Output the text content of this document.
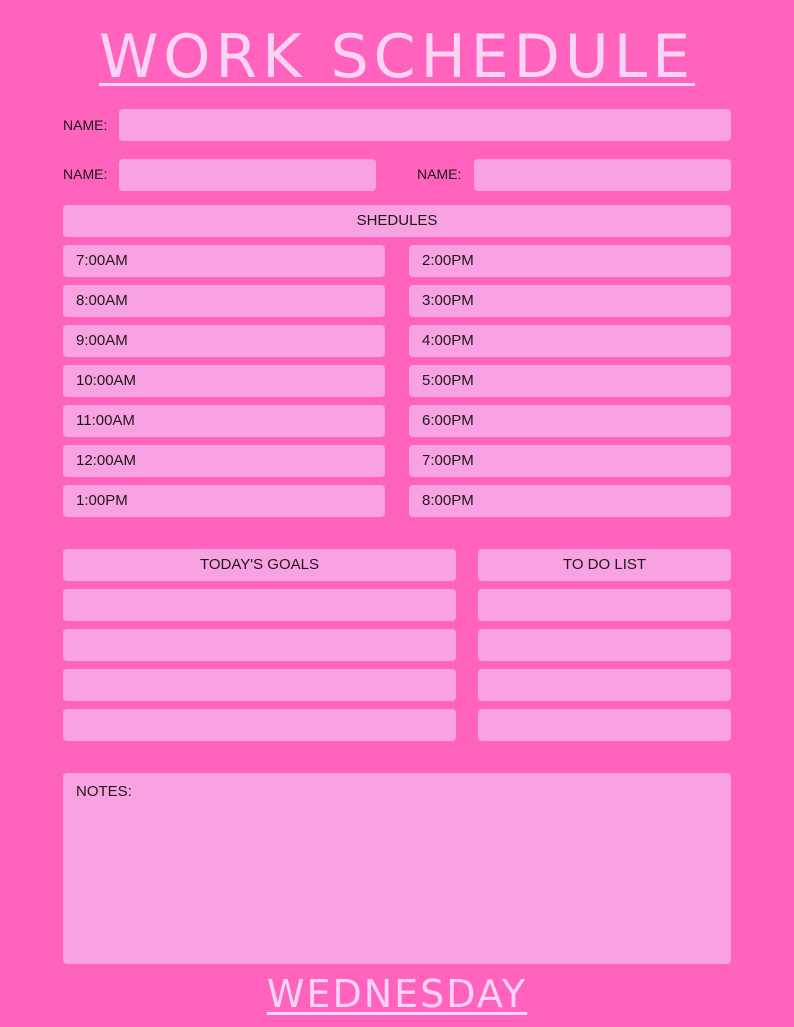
WORK SCHEDULE
NAME:
NAME:	NAME:
SHEDULES
7:00AM
8:00AM
9:00AM
10:00AM
11:00AM
12:00AM
1:00PM
2:00PM
3:00PM
4:00PM
5:00PM
6:00PM
7:00PM
8:00PM
TODAY'S GOALS	TO DO LIST
NOTES:
WEDNESDAY
